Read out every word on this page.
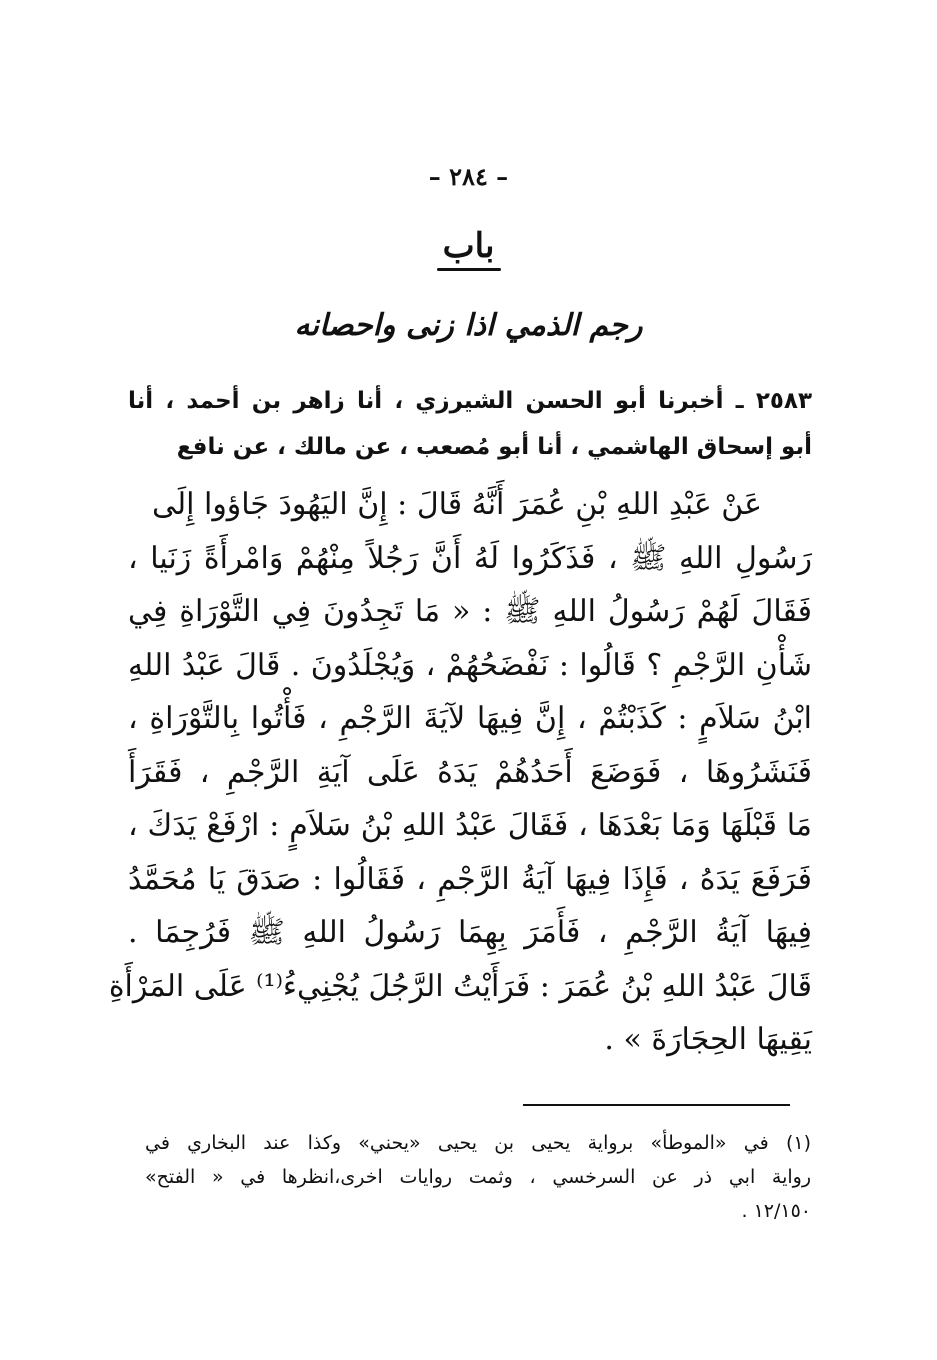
– ٢٨٤ –
باب
رجم الذمي اذا زنى واحصانه
٢٥٨٣ ـ أخبرنا أبو الحسن الشيرزي ، أنا زاهر بن أحمد ، أنا
أبو إسحاق الهاشمي ، أنا أبو مُصعب ، عن مالك ، عن نافع
عَنْ عَبْدِ اللهِ بْنِ عُمَرَ أَنَّهُ قَالَ : إِنَّ اليَهُودَ جَاؤوا إِلَى
رَسُولِ اللهِ ﷺ ، فَذَكَرُوا لَهُ أَنَّ رَجُلاً مِنْهُمْ وَامْرأَةً زَنَيا ،
فَقَالَ لَهُمْ رَسُولُ اللهِ ﷺ : « مَا تَجِدُونَ فِي التَّوْرَاةِ فِي
شَأْنِ الرَّجْمِ ؟ قَالُوا : نَفْضَحُهُمْ ، وَيُجْلَدُونَ . قَالَ عَبْدُ اللهِ
ابْنُ سَلاَمٍ : كَذَبْتُمْ ، إِنَّ فِيهَا لآيَةَ الرَّجْمِ ، فَأْتُوا بِالتَّوْرَاةِ ،
فَنَشَرُوهَا ، فَوَضَعَ أَحَدُهُمْ يَدَهُ عَلَى آيَةِ الرَّجْمِ ، فَقَرَأَ
مَا قَبْلَهَا وَمَا بَعْدَهَا ، فَقَالَ عَبْدُ اللهِ بْنُ سَلاَمٍ : ارْفَعْ يَدَكَ ،
فَرَفَعَ يَدَهُ ، فَإِذَا فِيهَا آيَةُ الرَّجْمِ ، فَقَالُوا : صَدَقَ يَا مُحَمَّدُ
فِيهَا آيَةُ الرَّجْمِ ، فَأَمَرَ بِهِمَا رَسُولُ اللهِ ﷺ فَرُجِمَا .
قَالَ عَبْدُ اللهِ بْنُ عُمَرَ : فَرَأَيْتُ الرَّجُلَ يُجْنِيءُ⁽¹⁾ عَلَى المَرْأَةِ
يَقِيهَا الحِجَارَةَ » .
(١) في «الموطأ» برواية يحيى بن يحيى «يحني» وكذا عند البخاري في
رواية ابي ذر عن السرخسي ، وثمت روايات اخرى،انظرها في « الفتح»
١٢/١٥٠ .
